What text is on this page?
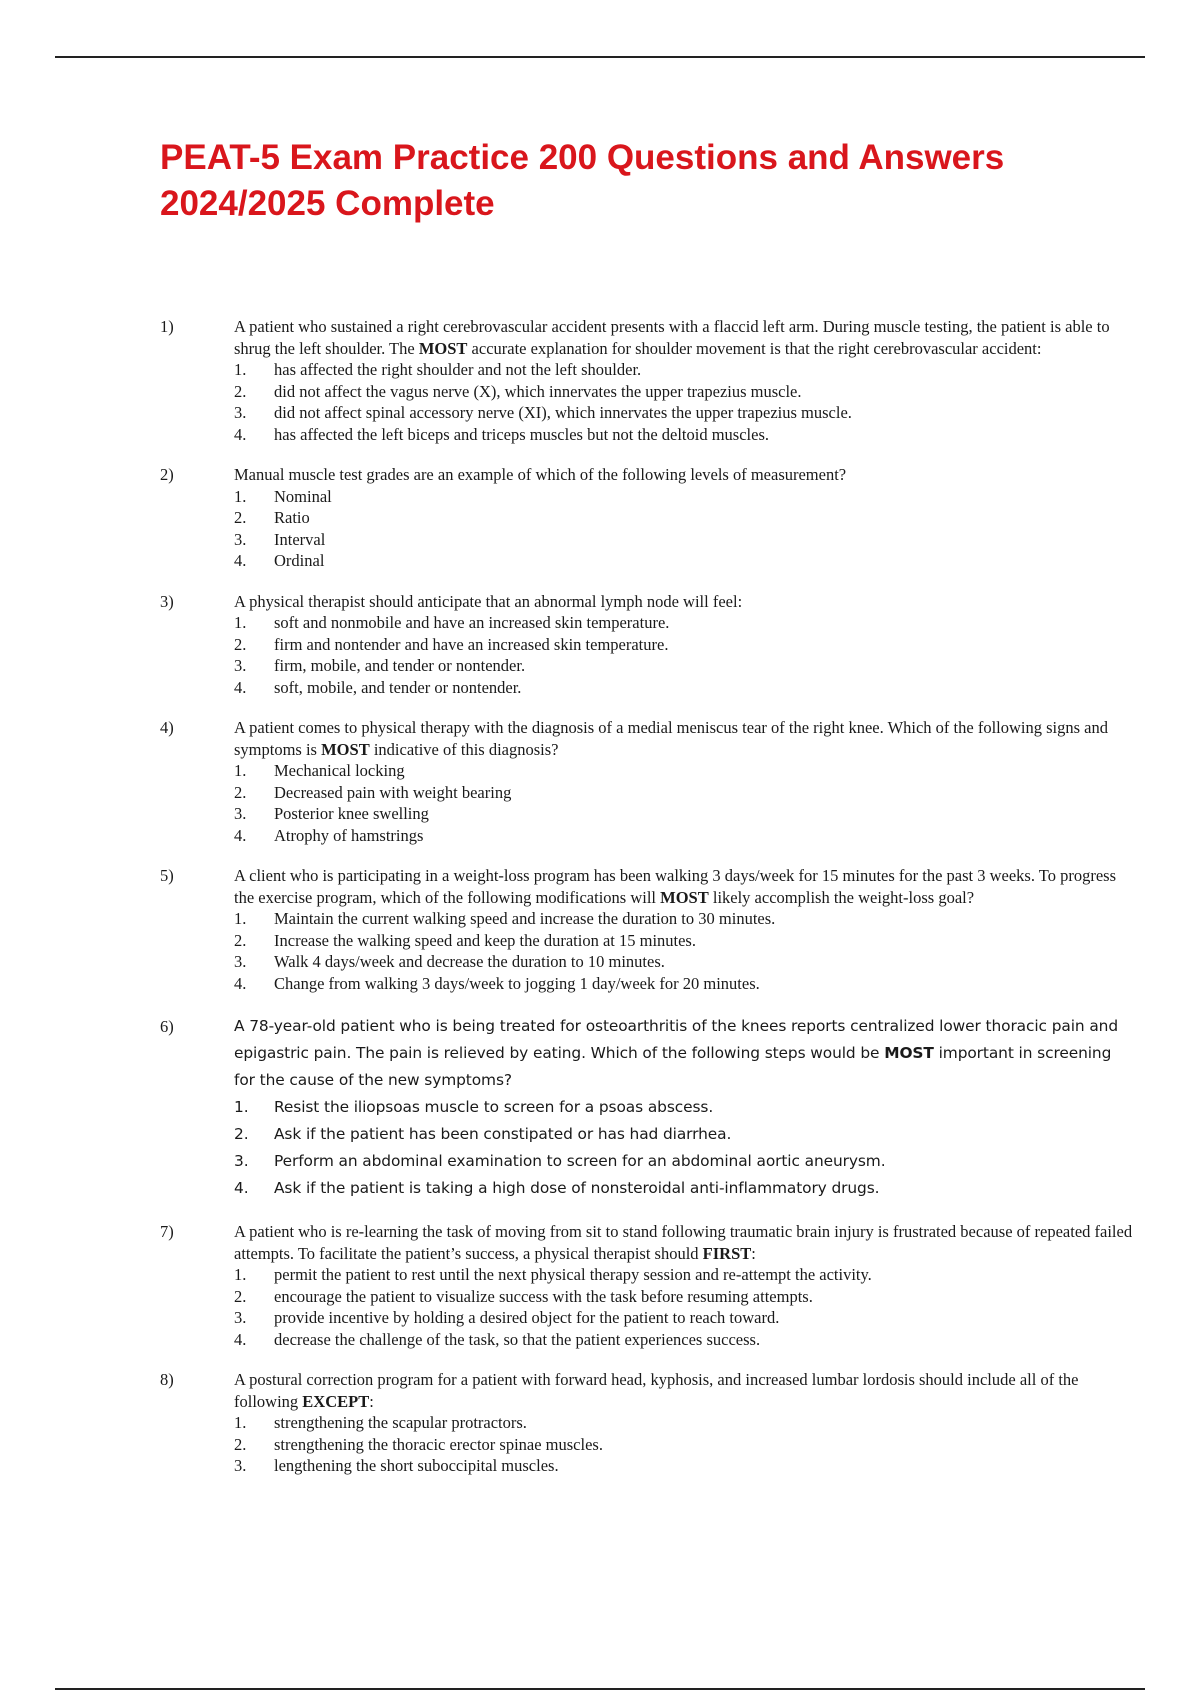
PEAT-5 Exam Practice 200 Questions and Answers
2024/2025 Complete
1)	A patient who sustained a right cerebrovascular accident presents with a flaccid left arm. During muscle testing, the patient is able to shrug the left shoulder. The MOST accurate explanation for shoulder movement is that the right cerebrovascular accident:
1.	has affected the right shoulder and not the left shoulder.
2.	did not affect the vagus nerve (X), which innervates the upper trapezius muscle.
3.	did not affect spinal accessory nerve (XI), which innervates the upper trapezius muscle.
4.	has affected the left biceps and triceps muscles but not the deltoid muscles.
2)	Manual muscle test grades are an example of which of the following levels of measurement?
1.	Nominal
2.	Ratio
3.	Interval
4.	Ordinal
3)	A physical therapist should anticipate that an abnormal lymph node will feel:
1.	soft and nonmobile and have an increased skin temperature.
2.	firm and nontender and have an increased skin temperature.
3.	firm, mobile, and tender or nontender.
4.	soft, mobile, and tender or nontender.
4)	A patient comes to physical therapy with the diagnosis of a medial meniscus tear of the right knee. Which of the following signs and symptoms is MOST indicative of this diagnosis?
1.	Mechanical locking
2.	Decreased pain with weight bearing
3.	Posterior knee swelling
4.	Atrophy of hamstrings
5)	A client who is participating in a weight-loss program has been walking 3 days/week for 15 minutes for the past 3 weeks. To progress the exercise program, which of the following modifications will MOST likely accomplish the weight-loss goal?
1.	Maintain the current walking speed and increase the duration to 30 minutes.
2.	Increase the walking speed and keep the duration at 15 minutes.
3.	Walk 4 days/week and decrease the duration to 10 minutes.
4.	Change from walking 3 days/week to jogging 1 day/week for 20 minutes.
6)	A 78-year-old patient who is being treated for osteoarthritis of the knees reports centralized lower thoracic pain and epigastric pain. The pain is relieved by eating. Which of the following steps would be MOST important in screening for the cause of the new symptoms?
1.	Resist the iliopsoas muscle to screen for a psoas abscess.
2.	Ask if the patient has been constipated or has had diarrhea.
3.	Perform an abdominal examination to screen for an abdominal aortic aneurysm.
4.	Ask if the patient is taking a high dose of nonsteroidal anti-inflammatory drugs.
7)	A patient who is re-learning the task of moving from sit to stand following traumatic brain injury is frustrated because of repeated failed attempts. To facilitate the patient’s success, a physical therapist should FIRST:
1.	permit the patient to rest until the next physical therapy session and re-attempt the activity.
2.	encourage the patient to visualize success with the task before resuming attempts.
3.	provide incentive by holding a desired object for the patient to reach toward.
4.	decrease the challenge of the task, so that the patient experiences success.
8)	A postural correction program for a patient with forward head, kyphosis, and increased lumbar lordosis should include all of the following EXCEPT:
1.	strengthening the scapular protractors.
2.	strengthening the thoracic erector spinae muscles.
3.	lengthening the short suboccipital muscles.
